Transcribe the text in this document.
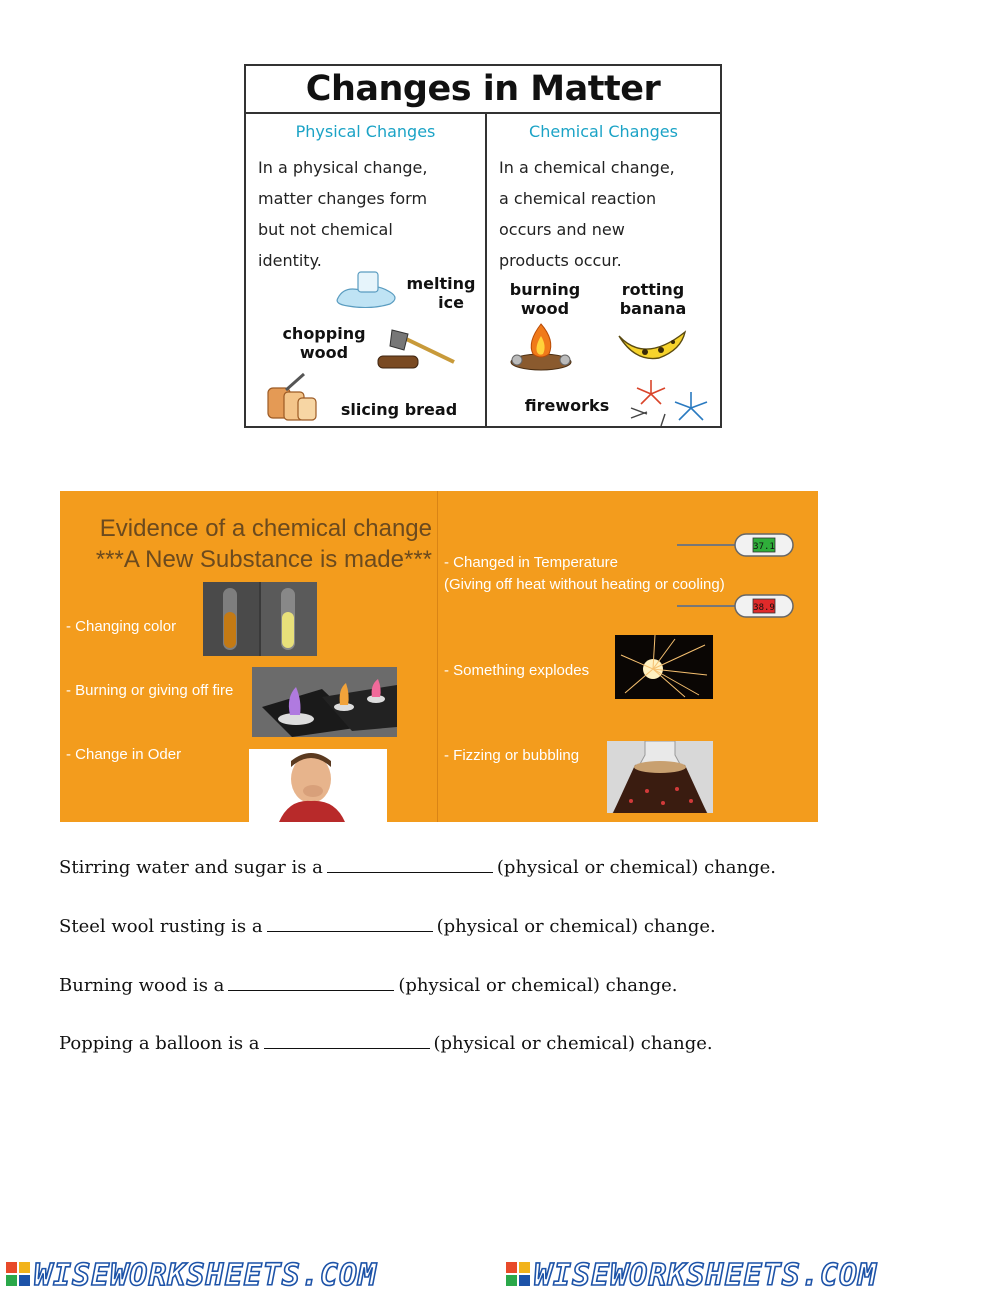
Changes in Matter
Physical Changes
In a physical change,
matter changes form
but not chemical
identity.
melting
ice
chopping
wood
slicing bread
Chemical Changes
In a chemical change,
a chemical reaction
occurs and new
products occur.
burning
wood
rotting
banana
fireworks
Evidence of a chemical change
***A New Substance is made***
- Changing color
- Burning or giving off fire
- Change in Oder
- Changed in Temperature
(Giving off heat without heating or cooling)
- Something explodes
- Fizzing or bubbling
37.1
38.9
Stirring water and sugar is a	(physical or chemical) change.
Steel wool rusting is a	(physical or chemical) change.
Burning wood is a	(physical or chemical) change.
Popping a balloon is a	(physical or chemical) change.
WISEWORKSHEETS.COM	WISEWORKSHEETS.COM
